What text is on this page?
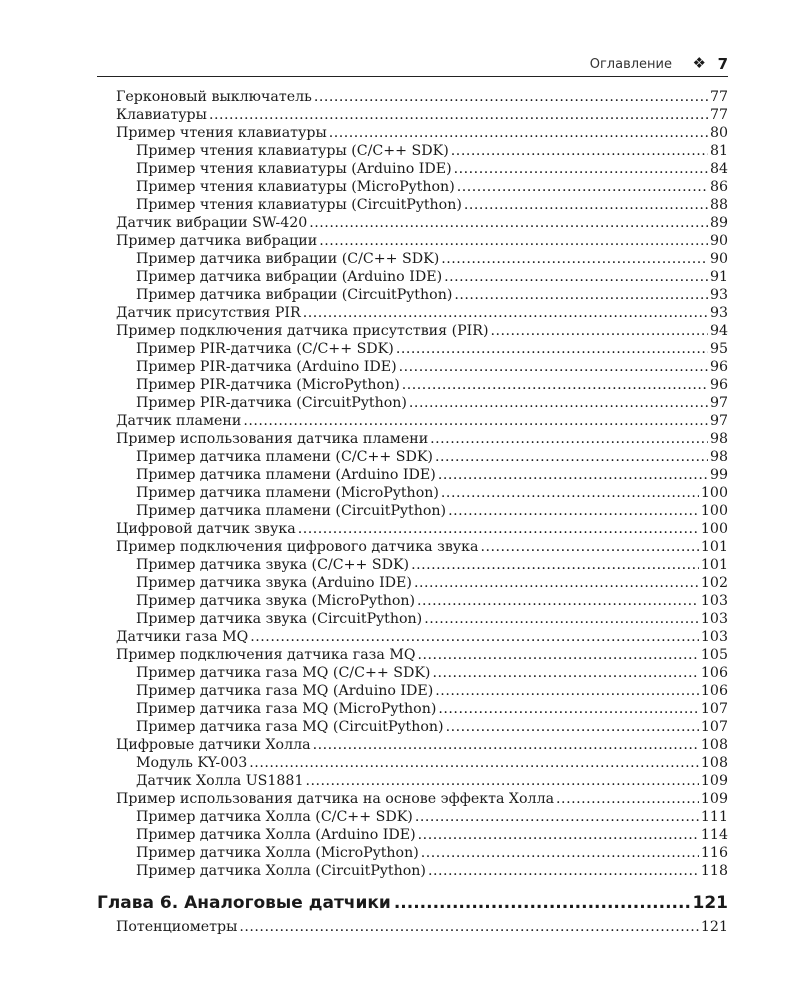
Оглавление ❖ 7
Герконовый выключатель .....	77
Клавиатуры .....	77
Пример чтения клавиатуры .....	80
Пример чтения клавиатуры (C/C++ SDK) .....	81
Пример чтения клавиатуры (Arduino IDE) .....	84
Пример чтения клавиатуры (MicroPython) .....	86
Пример чтения клавиатуры (CircuitPython) .....	88
Датчик вибрации SW-420 .....	89
Пример датчика вибрации .....	90
Пример датчика вибрации (C/C++ SDK) .....	90
Пример датчика вибрации (Arduino IDE) .....	91
Пример датчика вибрации (CircuitPython) .....	93
Датчик присутствия PIR .....	93
Пример подключения датчика присутствия (PIR) .....	94
Пример PIR-датчика (C/C++ SDK) .....	95
Пример PIR-датчика (Arduino IDE) .....	96
Пример PIR-датчика (MicroPython) .....	96
Пример PIR-датчика (CircuitPython) .....	97
Датчик пламени .....	97
Пример использования датчика пламени .....	98
Пример датчика пламени (C/C++ SDK) .....	98
Пример датчика пламени (Arduino IDE) .....	99
Пример датчика пламени (MicroPython) .....	100
Пример датчика пламени (CircuitPython) .....	100
Цифровой датчик звука .....	100
Пример подключения цифрового датчика звука .....	101
Пример датчика звука (C/C++ SDK) .....	101
Пример датчика звука (Arduino IDE) .....	102
Пример датчика звука (MicroPython) .....	103
Пример датчика звука (CircuitPython) .....	103
Датчики газа MQ .....	103
Пример подключения датчика газа MQ .....	105
Пример датчика газа MQ (C/C++ SDK) .....	106
Пример датчика газа MQ (Arduino IDE) .....	106
Пример датчика газа MQ (MicroPython) .....	107
Пример датчика газа MQ (CircuitPython) .....	107
Цифровые датчики Холла .....	108
Модуль KY-003 .....	108
Датчик Холла US1881 .....	109
Пример использования датчика на основе эффекта Холла .....	109
Пример датчика Холла (C/C++ SDK) .....	111
Пример датчика Холла (Arduino IDE) .....	114
Пример датчика Холла (MicroPython) .....	116
Пример датчика Холла (CircuitPython) .....	118
Глава 6. Аналоговые датчики .....	121
Потенциометры .....	121
